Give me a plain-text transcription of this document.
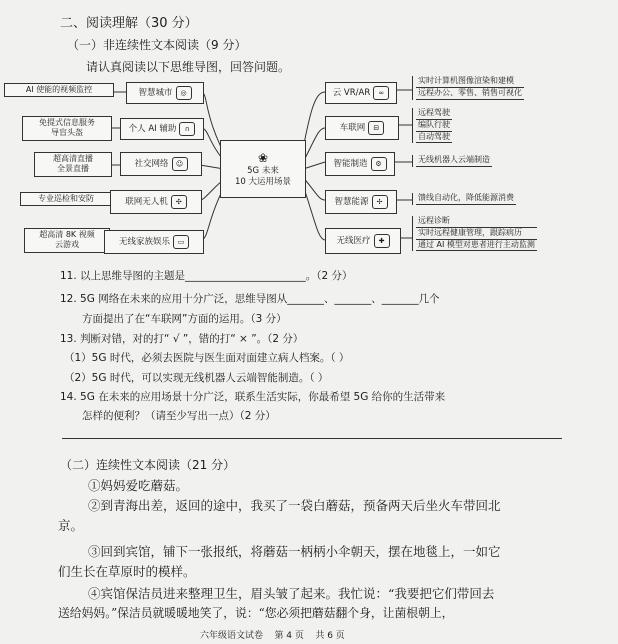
二、阅读理解（30 分）
（一）非连续性文本阅读（9 分）
请认真阅读以下思维导图，回答问题。
AI 使能的视频监控
免提式信息服务
导盲头盔
超高清直播
全景直播
专业巡检和安防
超高清 8K 视频
云游戏
智慧城市	◎
个人 AI 辅助	∩
社交网络	☺
联网无人机	✣
无线家族娱乐	▭
❀
5G 未来
10 大运用场景
云 VR/AR	∞
车联网	⊟
智能制造	⚙
智慧能源	✢
无线医疗	✚
实时计算机图像渲染和建模
远程办公、零售、销售可视化
远程驾驶
编队行驶
自动驾驶
无线机器人云端制造
馈线自动化，降低能源消费
远程诊断
实时远程健康管理，跟踪病历
通过 AI 模型对患者进行主动监测
11. 以上思维导图的主题是_______________________。（2 分）
12. 5G 网络在未来的应用十分广泛，思维导图从_______、_______、_______几个
方面提出了在“车联网”方面的运用。（3 分）
13. 判断对错，对的打“ √ ”，错的打“ × ”。（2 分）
（1）5G 时代，必须去医院与医生面对面建立病人档案。（ ）
（2）5G 时代，可以实现无线机器人云端智能制造。（ ）
14. 5G 在未来的应用场景十分广泛，联系生活实际，你最希望 5G 给你的生活带来
怎样的便利？（请至少写出一点）（2 分）
（二）连续性文本阅读（21 分）
①妈妈爱吃蘑菇。
②到青海出差，返回的途中，我买了一袋白蘑菇，预备两天后坐火车带回北
京。
③回到宾馆，铺下一张报纸，将蘑菇一柄柄小伞朝天，摆在地毯上，一如它
们生长在草原时的模样。
④宾馆保洁员进来整理卫生，眉头皱了起来。我忙说：“我要把它们带回去
送给妈妈。”保洁员就暖暖地笑了，说：“您必须把蘑菇翻个身，让菌根朝上，
六年级语文试卷    第 4 页    共 6 页
